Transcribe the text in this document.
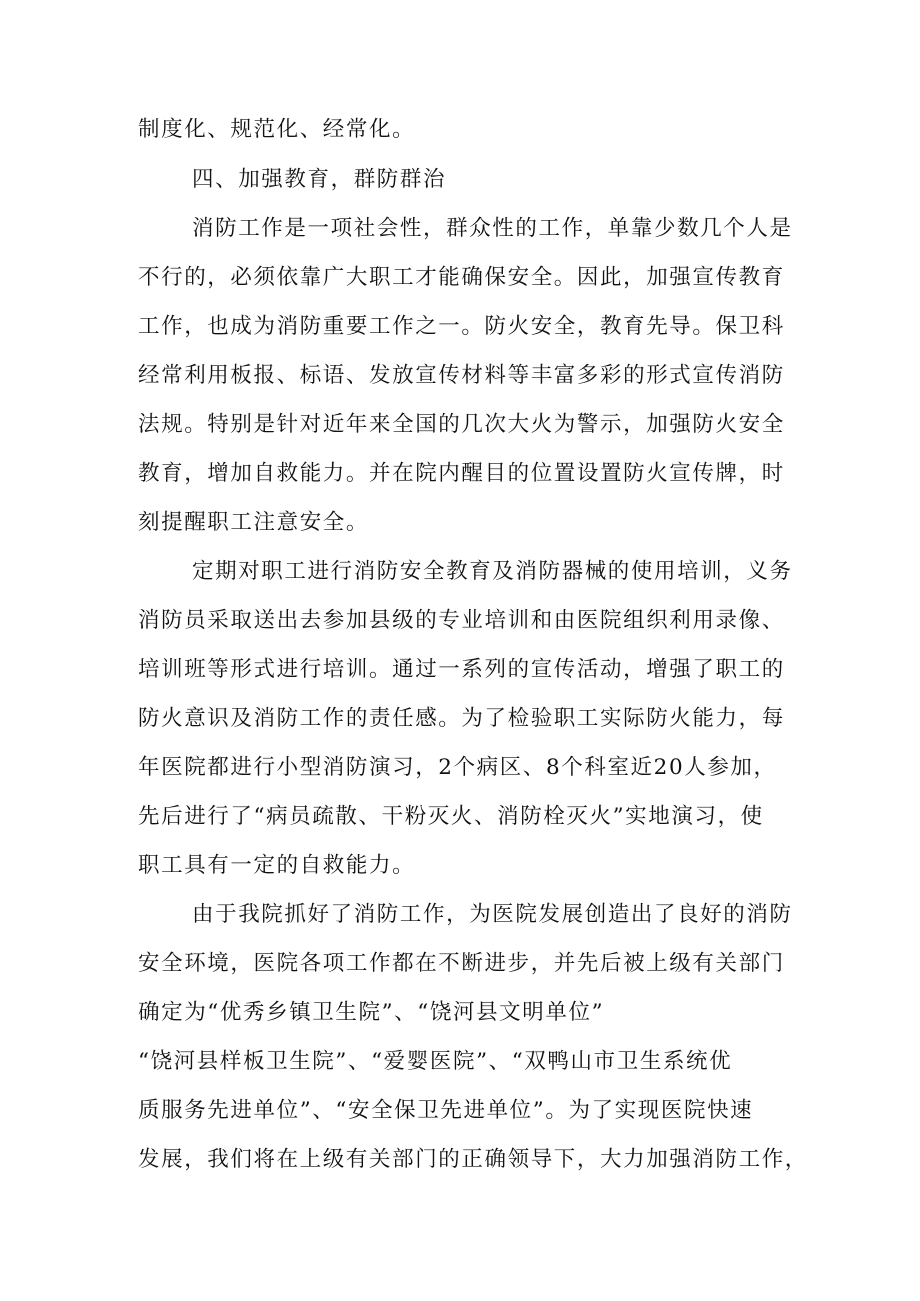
制度化、规范化、经常化。
四、加强教育，群防群治
消防工作是一项社会性，群众性的工作，单靠少数几个人是
不行的，必须依靠广大职工才能确保安全。因此，加强宣传教育
工作，也成为消防重要工作之一。防火安全，教育先导。保卫科
经常利用板报、标语、发放宣传材料等丰富多彩的形式宣传消防
法规。特别是针对近年来全国的几次大火为警示，加强防火安全
教育，增加自救能力。并在院内醒目的位置设置防火宣传牌，时
刻提醒职工注意安全。
定期对职工进行消防安全教育及消防器械的使用培训，义务
消防员采取送出去参加县级的专业培训和由医院组织利用录像、
培训班等形式进行培训。通过一系列的宣传活动，增强了职工的
防火意识及消防工作的责任感。为了检验职工实际防火能力，每
年医院都进行小型消防演习，2个病区、8个科室近20人参加，
先后进行了“病员疏散、干粉灭火、消防栓灭火”实地演习，使
职工具有一定的自救能力。
由于我院抓好了消防工作，为医院发展创造出了良好的消防
安全环境，医院各项工作都在不断进步，并先后被上级有关部门
确定为“优秀乡镇卫生院”、“饶河县文明单位”
“饶河县样板卫生院”、“爱婴医院”、“双鸭山市卫生系统优
质服务先进单位”、“安全保卫先进单位”。为了实现医院快速
发展，我们将在上级有关部门的正确领导下，大力加强消防工作，
